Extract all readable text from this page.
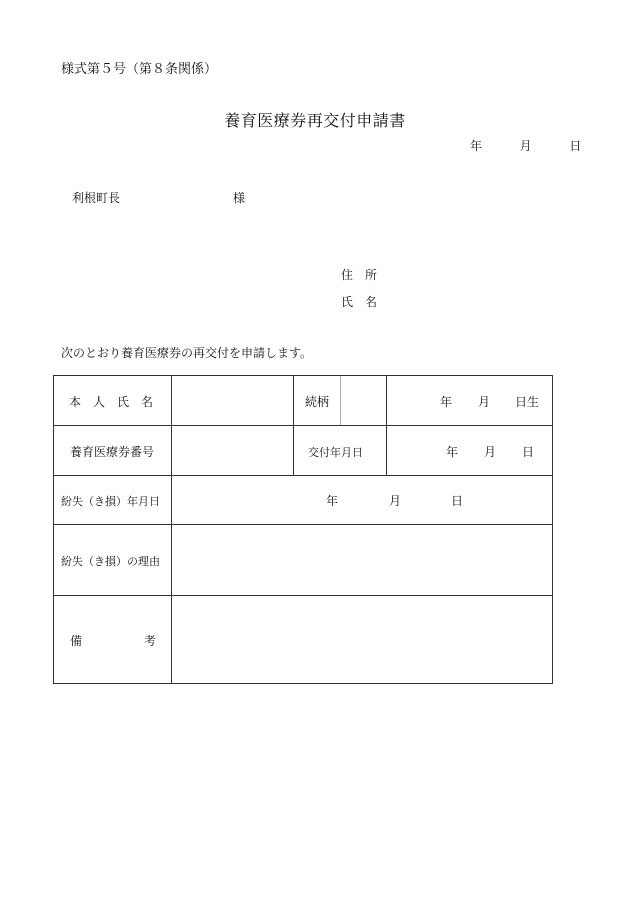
様式第５号（第８条関係）
養育医療券再交付申請書
年	月	日
利根町長	様
住　所
氏　名
次のとおり養育医療券の再交付を申請します。
本　人　氏　名	続柄	年 月 日生
養育医療券番号	交付年月日	年 月 日
紛失（き損）年月日	年	月	日
紛失（き損）の理由
備	考
